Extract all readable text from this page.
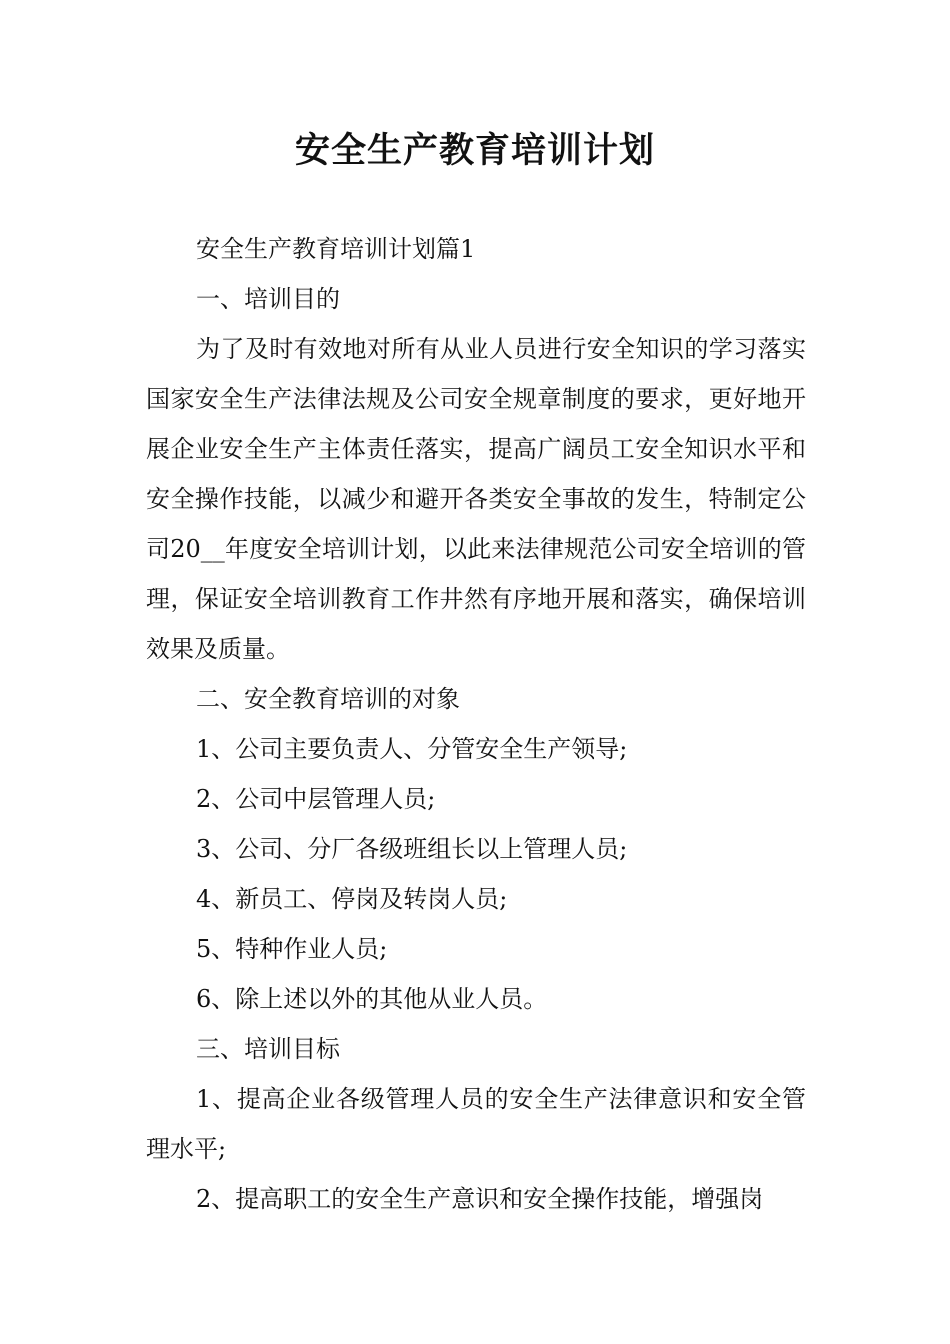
安全生产教育培训计划

安全生产教育培训计划篇1

一、培训目的

为了及时有效地对所有从业人员进行安全知识的学习落实国家安全生产法律法规及公司安全规章制度的要求，更好地开展企业安全生产主体责任落实，提高广阔员工安全知识水平和安全操作技能，以减少和避开各类安全事故的发生，特制定公司20__年度安全培训计划，以此来法律规范公司安全培训的管理，保证安全培训教育工作井然有序地开展和落实，确保培训效果及质量。

二、安全教育培训的对象

1、公司主要负责人、分管安全生产领导;

2、公司中层管理人员;

3、公司、分厂各级班组长以上管理人员;

4、新员工、停岗及转岗人员;

5、特种作业人员;

6、除上述以外的其他从业人员。

三、培训目标

1、提高企业各级管理人员的安全生产法律意识和安全管理水平;

2、提高职工的安全生产意识和安全操作技能，增强岗
